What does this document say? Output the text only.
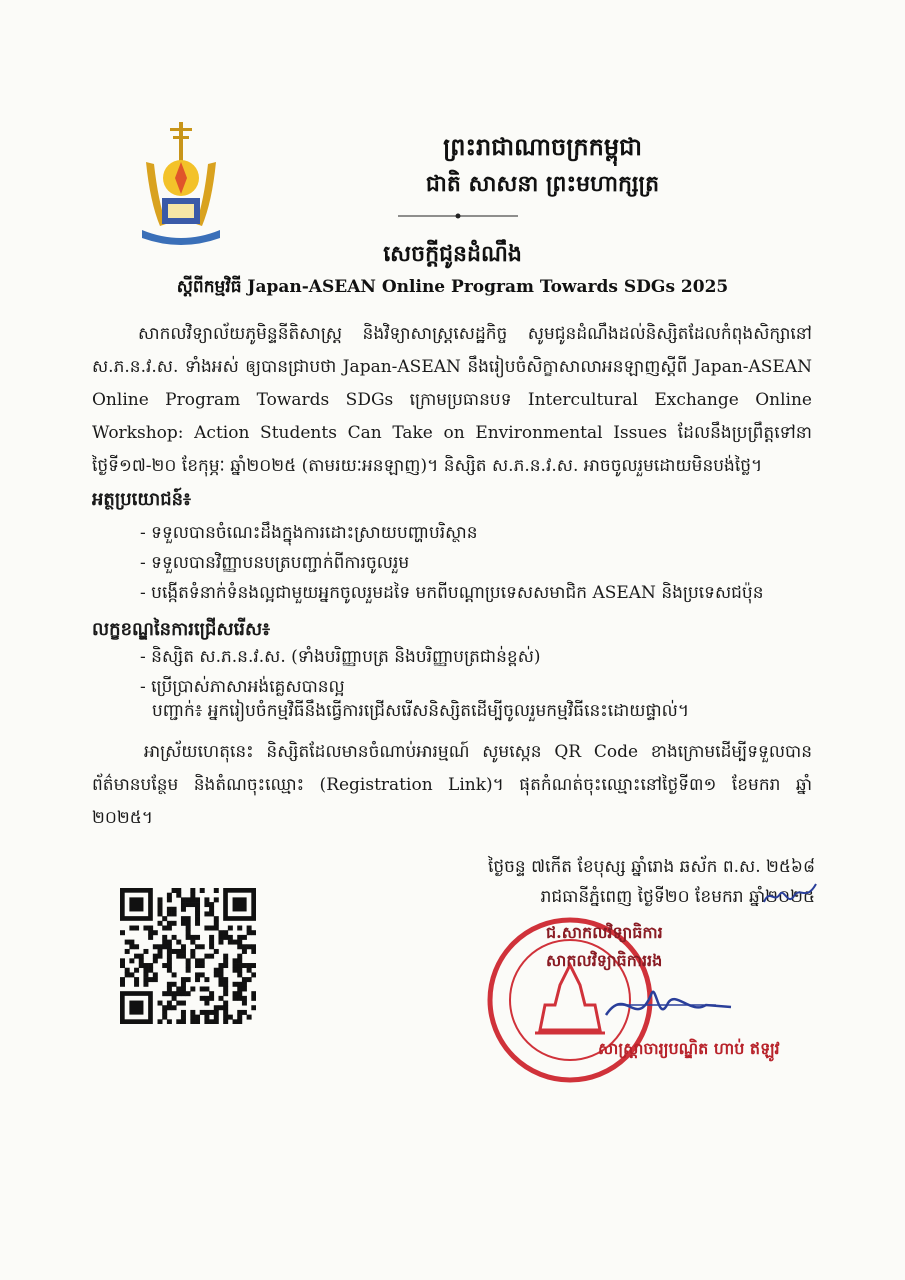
ព្រះរាជាណាចក្រកម្ពុជា
ជាតិ សាសនា ព្រះមហាក្សត្រ
សេចក្តីជូនដំណឹង
ស្តីពីកម្មវិធី Japan-ASEAN Online Program Towards SDGs 2025

សាកលវិទ្យាល័យភូមិន្ទនីតិសាស្ត្រ និងវិទ្យាសាស្ត្រសេដ្ឋកិច្ច សូមជូនដំណឹងដល់និស្សិតដែលកំពុងសិក្សានៅ ស.ភ.ន.វ.ស. ទាំងអស់ ឲ្យបានជ្រាបថា Japan-ASEAN នឹងរៀបចំសិក្ខាសាលាអនឡាញស្តីពី Japan-ASEAN Online Program Towards SDGs ក្រោមប្រធានបទ Intercultural Exchange Online Workshop: Action Students Can Take on Environmental Issues ដែលនឹងប្រព្រឹត្តទៅនាថ្ងៃទី១៧-២០ ខែកុម្ភៈ ឆ្នាំ២០២៥ (តាមរយៈអនឡាញ)។ និស្សិត ស.ភ.ន.វ.ស. អាចចូលរួមដោយមិនបង់ថ្លៃ។

អត្ថប្រយោជន៍៖
- ទទួលបានចំណេះដឹងក្នុងការដោះស្រាយបញ្ហាបរិស្ថាន
- ទទួលបានវិញ្ញាបនបត្របញ្ជាក់ពីការចូលរួម
- បង្កើតទំនាក់ទំនងល្អជាមួយអ្នកចូលរួមដទៃ មកពីបណ្តាប្រទេសសមាជិក ASEAN និងប្រទេសជប៉ុន
លក្ខខណ្ឌនៃការជ្រើសរើស៖
- និស្សិត ស.ភ.ន.វ.ស. (ទាំងបរិញ្ញាបត្រ និងបរិញ្ញាបត្រជាន់ខ្ពស់)
- ប្រើប្រាស់ភាសាអង់គ្លេសបានល្អ
បញ្ជាក់៖ អ្នករៀបចំកម្មវិធីនឹងធ្វើការជ្រើសរើសនិស្សិតដើម្បីចូលរួមកម្មវិធីនេះដោយផ្ទាល់។

អាស្រ័យហេតុនេះ និស្សិតដែលមានចំណាប់អារម្មណ៍ សូមស្កេន QR Code ខាងក្រោមដើម្បីទទួលបានព័ត៌មានបន្ថែម និងតំណចុះឈ្មោះ (Registration Link)។ ផុតកំណត់ចុះឈ្មោះនៅថ្ងៃទី៣១ ខែមករា ឆ្នាំ ២០២៥។

ថ្ងៃចន្ទ ៧កើត ខែបុស្ស ឆ្នាំរោង ឆស័ក ព.ស. ២៥៦៨
រាជធានីភ្នំពេញ ថ្ងៃទី២០ ខែមករា ឆ្នាំ២០២៥
ជ.សាកលវិទ្យាធិការ
សាកលវិទ្យាធិការរង
សាស្ត្រាចារ្យបណ្ឌិត ហាប់ ឥឡូវ
